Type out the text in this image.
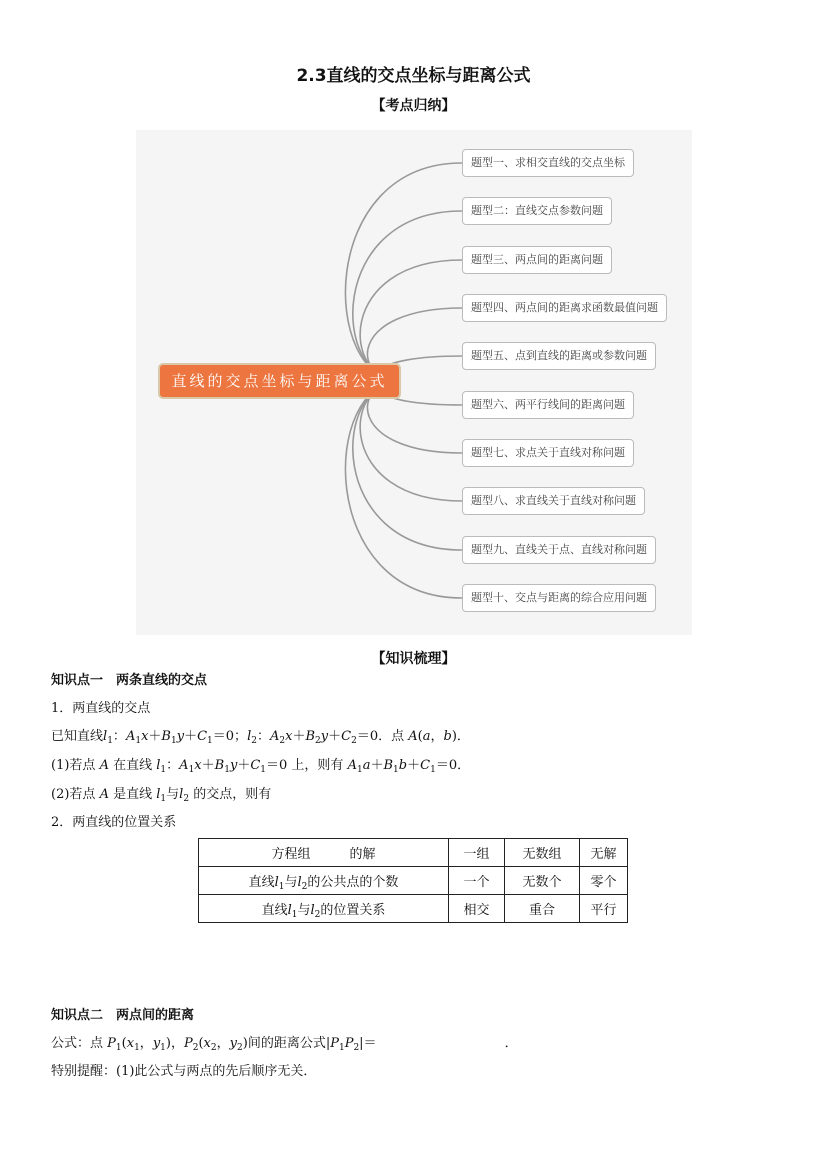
2.3直线的交点坐标与距离公式
【考点归纳】
直线的交点坐标与距离公式
题型一、求相交直线的交点坐标
题型二：直线交点参数问题
题型三、两点间的距离问题
题型四、两点间的距离求函数最值问题
题型五、点到直线的距离或参数问题
题型六、两平行线间的距离问题
题型七、求点关于直线对称问题
题型八、求直线关于直线对称问题
题型九、直线关于点、直线对称问题
题型十、交点与距离的综合应用问题
【知识梳理】
知识点一　两条直线的交点
1．两直线的交点
已知直线$l_1$：$A_1x+B_1y+C_1=0$；$l_2$：$A_2x+B_2y+C_2=0$．点 A(a，b)．
(1)若点 A 在直线 $l_1$：$A_1x+B_1y+C_1=0$ 上，则有 $A_1a+B_1b+C_1=0$．
(2)若点 A 是直线 $l_1$与$l_2$ 的交点，则有
2．两直线的位置关系
方程组　　　 的解	一组	无数组	无解
直线$l_1$与$l_2$的公共点的个数	一个	无数个	零个
直线$l_1$与$l_2$的位置关系	相交	重合	平行
知识点二　两点间的距离
公式：点 $P_1(x_1$，$y_1$)，$P_2(x_2$，$y_2$)间的距离公式$|P_1P_2|=$	．
特别提醒：(1)此公式与两点的先后顺序无关．
